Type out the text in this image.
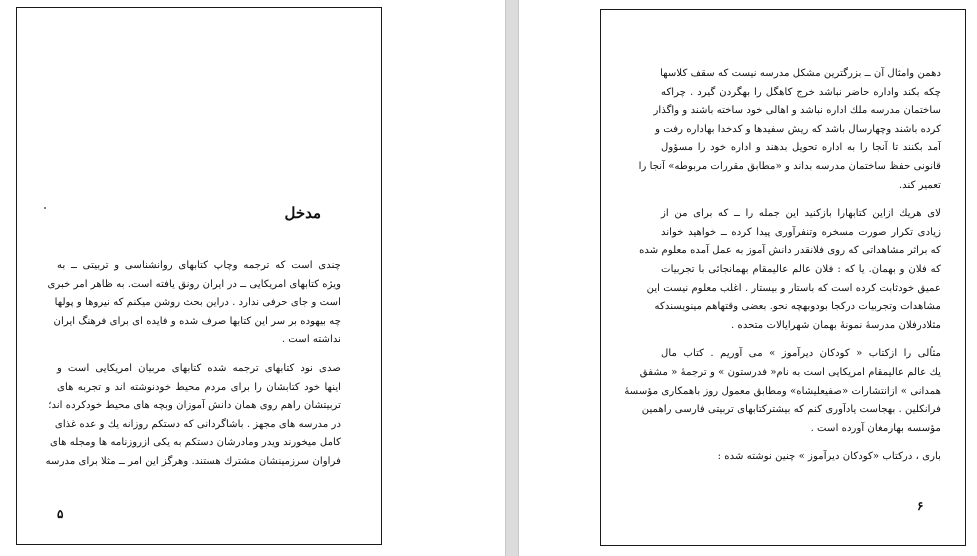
مدخل
چندی است که ترجمه وچاپ کتابهای روانشناسی و تربیتی ــ به
ویژه کتابهای امریکایی ــ در ایران رونق یافته است. به ظاهر امر خبری
است و جای حرفی ندارد . دراین بحث روشن میکنم که نیروها و پولها
چه بیهوده بر سر این کتابها صرف شده و فایده ای برای فرهنگ ایران
نداشته است .
صدی نود کتابهای ترجمه شده کتابهای مربیان امریکایی است و
اینها خود کتابشان را برای مردم محیط خودنوشته اند و تجربه های
تربیتشان راهم روی همان دانش آموزان وبچه های محیط خودکرده اند؛
در مدرسه های مجهز . باشاگردانی که دستکم روزانه یك و عده غذای
کامل میخورند ویدر ومادرشان دستکم به یکی ازروزنامه ها ومجله های
فراوان سرزمینشان مشترك هستند. وهرگز این امر ــ مثلا برای مدرسه
۵
دهمن وامثال آن ــ بزرگترین مشکل مدرسه نیست که سقف کلاسها
چکه بکند واداره حاضر نباشد خرج کاهگل را بهگردن گیرد . چراکه
ساختمان مدرسه ملك اداره نباشد و اهالی خود ساخته باشند و واگذار
کرده باشند وچهارسال باشد که ریش سفیدها و کدخدا بهاداره رفت و
آمد بکنند تا آنجا را به اداره تحویل بدهند و اداره خود را مسؤول
قانونی حفظ ساختمان مدرسه بداند و «مطابق مقررات مربوطه» آنجا را
تعمیر کند.
لای هریك ازاین کتابهارا بازکنید این جمله را ــ که برای من از
زیادی تکرار صورت مسخره وتنفرآوری پیدا کرده ــ خواهید خواند
که براثر مشاهداتی که روی فلانقدر دانش آموز به عمل آمده معلوم شده
که فلان و بهمان. یا که : فلان عالم عالیمقام بهمانجائی با تجربیات
عمیق خودثابت کرده است که باستار و بیستار . اغلب معلوم نیست این
مشاهدات وتجربیات درکجا بودوبهچه نحو. بعضی وقتهاهم مینویسندکه
مثلادرفلان مدرسهٔ نمونهٔ بهمان شهرایالات متحده .
مثالی را ازکتاب « کودکان دیرآموز » می آوریم . کتاب مال
یك عالم عالیمقام امریکایی است به نام« فدرستون » و ترجمهٔ « مشفق
همدانی » ازانتشارات «صفیعلیشاه» ومطابق معمول روز باهمکاری مؤسسهٔ
فرانکلین . بهجاست یادآوری کنم که بیشترکتابهای تربیتی فارسی راهمین
مؤسسه بهارمغان آورده است .
باری ، درکتاب «کودکان دیرآموز » چنین نوشته شده :
۶
